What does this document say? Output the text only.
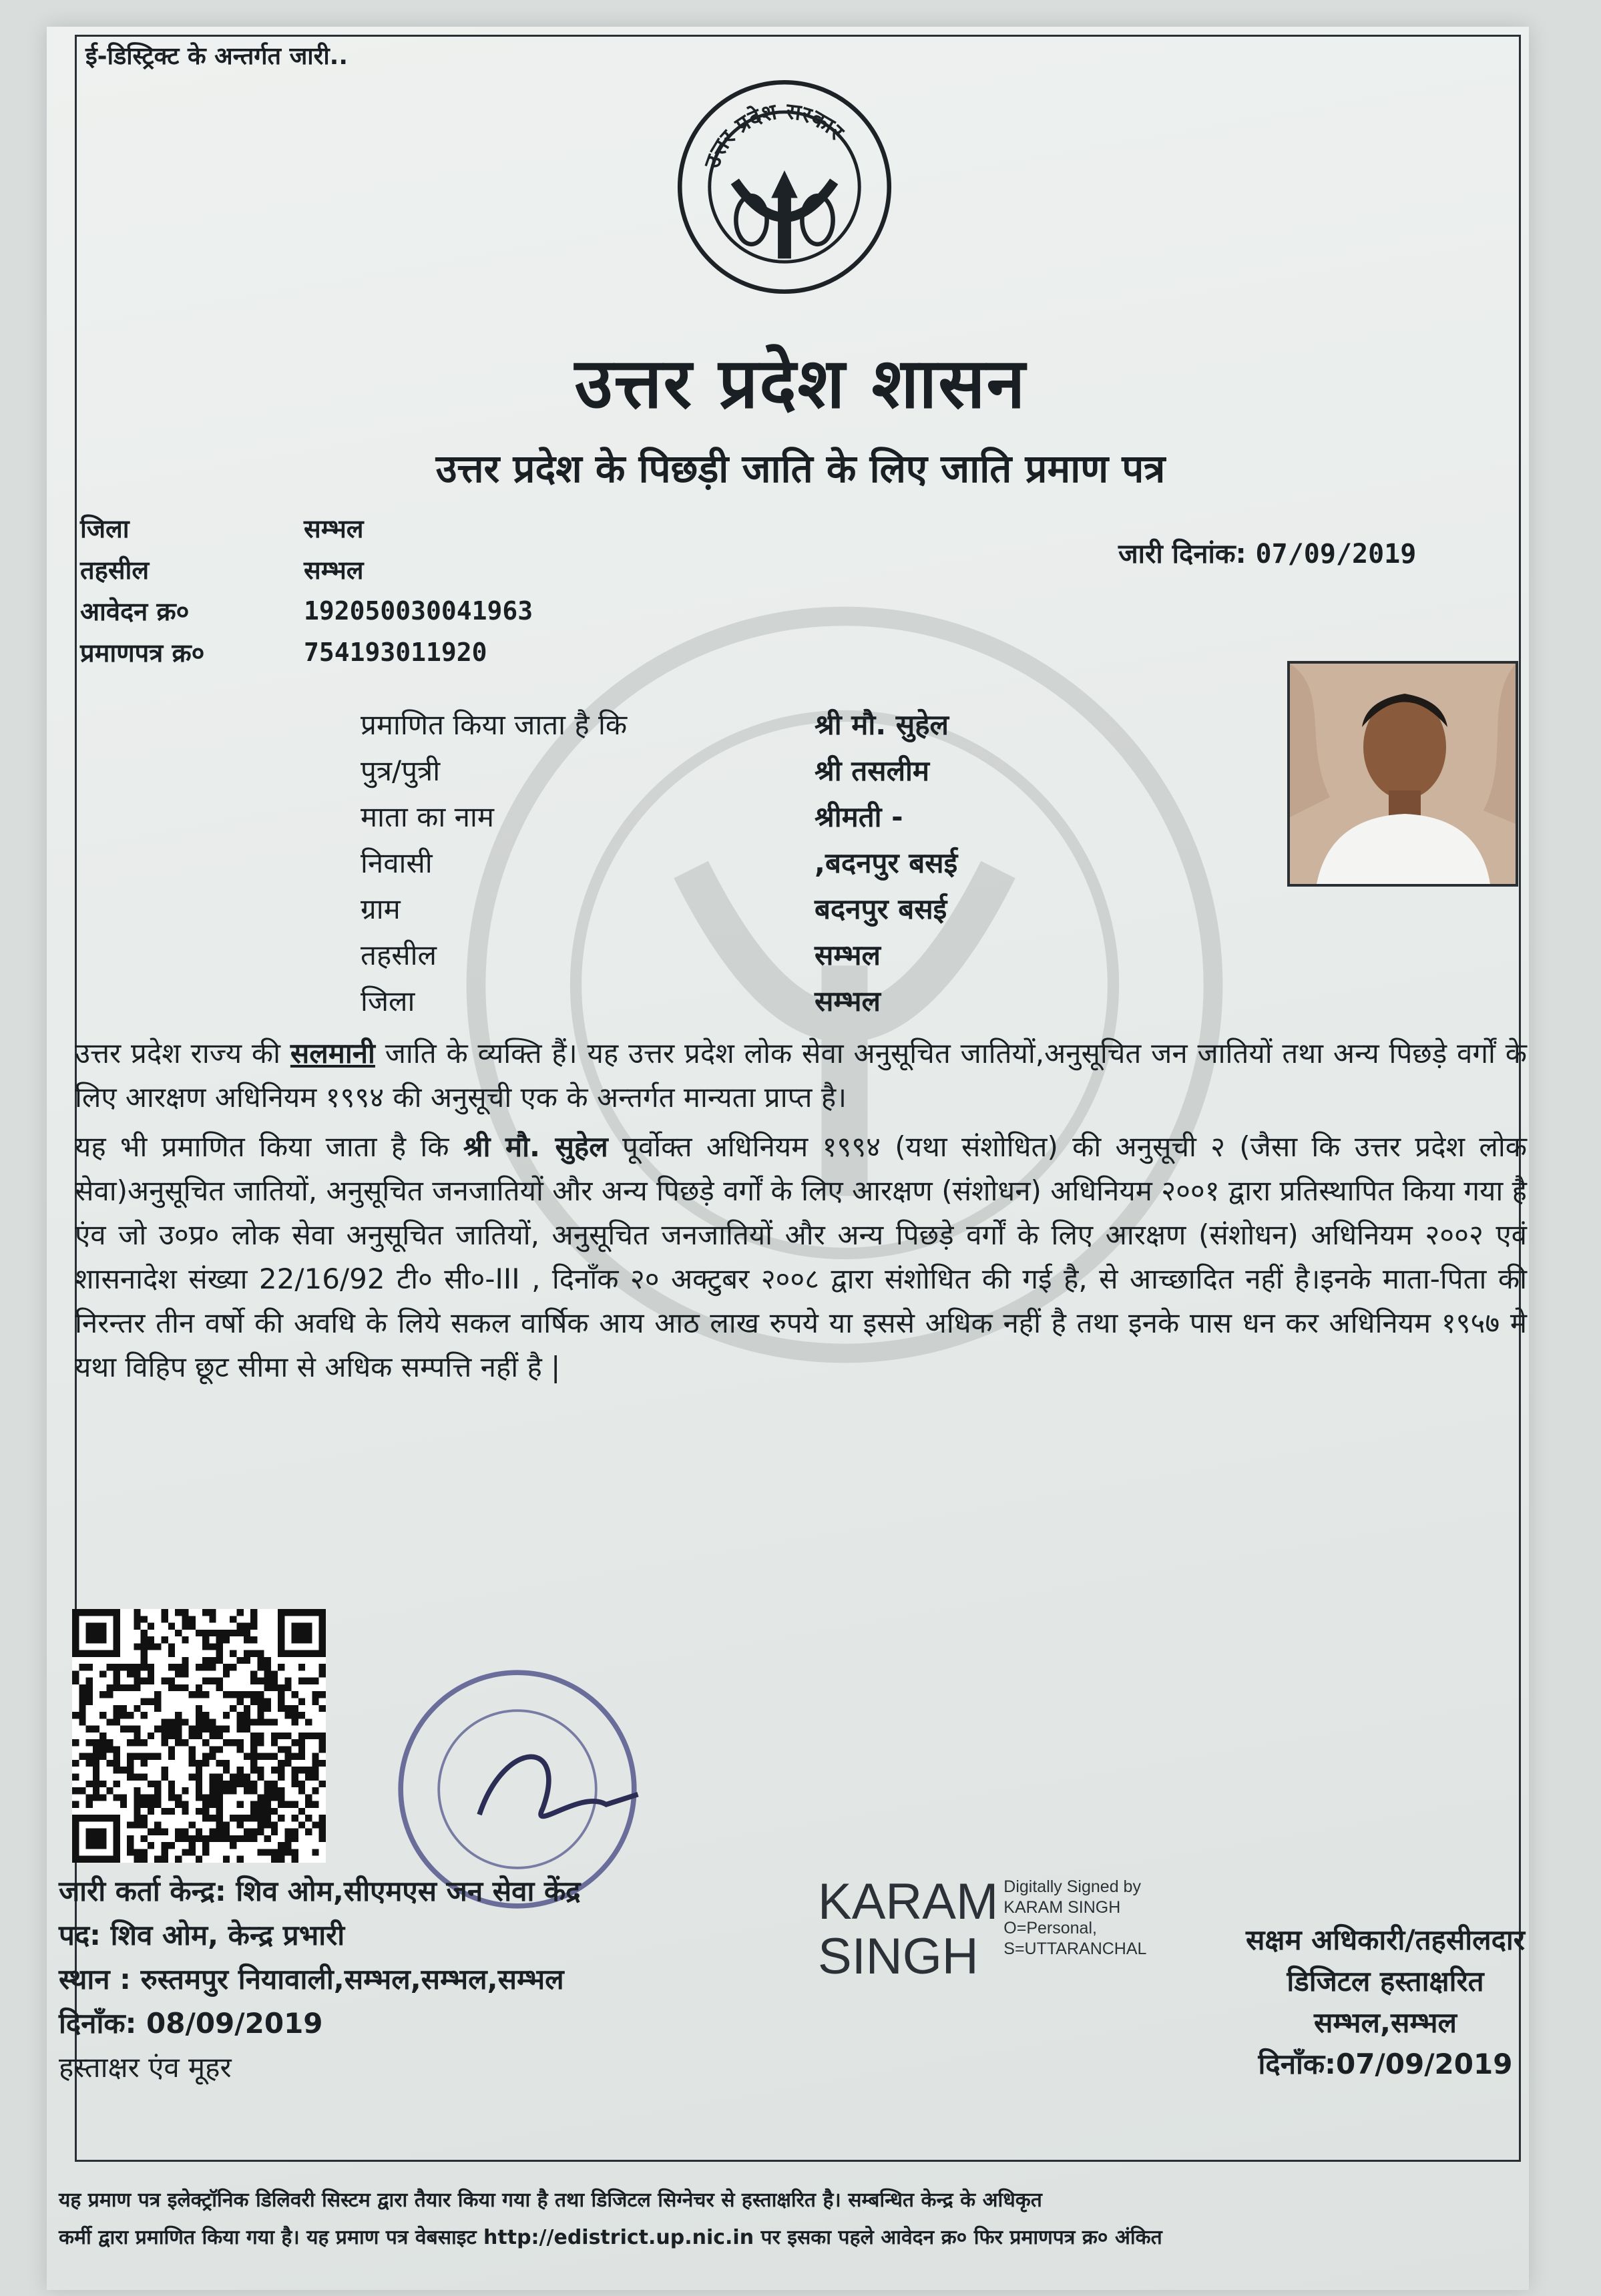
ई-डिस्ट्रिक्ट के अन्तर्गत जारी..
उत्तर प्रदेश सरकार
उत्तर प्रदेश शासन
उत्तर प्रदेश के पिछड़ी जाति के लिए जाति प्रमाण पत्र
जिला	सम्भल
तहसील	सम्भल
आवेदन क्र०	192050030041963
प्रमाणपत्र क्र०	754193011920
जारी दिनांक: 07/09/2019
प्रमाणित किया जाता है कि	श्री मौ. सुहेल
पुत्र/पुत्री	श्री तसलीम
माता का नाम	श्रीमती -
निवासी	,बदनपुर बसई
ग्राम	बदनपुर बसई
तहसील	सम्भल
जिला	सम्भल

उत्तर प्रदेश राज्य की सलमानी जाति के व्यक्ति हैं। यह उत्तर प्रदेश लोक सेवा अनुसूचित जातियों,अनुसूचित जन जातियों तथा अन्य पिछड़े वर्गों के लिए आरक्षण अधिनियम १९९४ की अनुसूची एक के अन्तर्गत मान्यता प्राप्त है।

यह भी प्रमाणित किया जाता है कि श्री मौ. सुहेल पूर्वोक्त अधिनियम १९९४ (यथा संशोधित) की अनुसूची २ (जैसा कि उत्तर प्रदेश लोक सेवा)अनुसूचित जातियों, अनुसूचित जनजातियों और अन्य पिछड़े वर्गों के लिए आरक्षण (संशोधन) अधिनियम २००१ द्वारा प्रतिस्थापित किया गया है एंव जो उ०प्र० लोक सेवा अनुसूचित जातियों, अनुसूचित जनजातियों और अन्य पिछड़े वर्गों के लिए आरक्षण (संशोधन) अधिनियम २००२ एवं शासनादेश संख्या 22/16/92 टी० सी०-III , दिनाँक २० अक्टुबर २००८ द्वारा संशोधित की गई है, से आच्छादित नहीं है।इनके माता-पिता की निरन्तर तीन वर्षो की अवधि के लिये सकल वार्षिक आय आठ लाख रुपये या इससे अधिक नहीं है तथा इनके पास धन कर अधिनियम १९५७ मे यथा विहिप छूट सीमा से अधिक सम्पत्ति नहीं है |

जारी कर्ता केन्द्र: शिव ओम,सीएमएस जन सेवा केंद्र
पद: शिव ओम, केन्द्र प्रभारी
स्थान : रुस्तमपुर नियावाली,सम्भल,सम्भल,सम्भल
दिनाँक: 08/09/2019
हस्ताक्षर एंव मूहर
KARAM
SINGH
Digitally Signed by
KARAM SINGH
O=Personal,
S=UTTARANCHAL	सक्षम अधिकारी/तहसीलदार
डिजिटल हस्ताक्षरित
सम्भल,सम्भल
दिनाँक:07/09/2019
यह प्रमाण पत्र इलेक्ट्रॉनिक डिलिवरी सिस्टम द्वारा तैयार किया गया है तथा डिजिटल सिग्नेचर से हस्ताक्षरित है। सम्बन्धित केन्द्र के अधिकृत
कर्मी द्वारा प्रमाणित किया गया है। यह प्रमाण पत्र वेबसाइट http://edistrict.up.nic.in पर इसका पहले आवेदन क्र० फिर प्रमाणपत्र क्र० अंकित
